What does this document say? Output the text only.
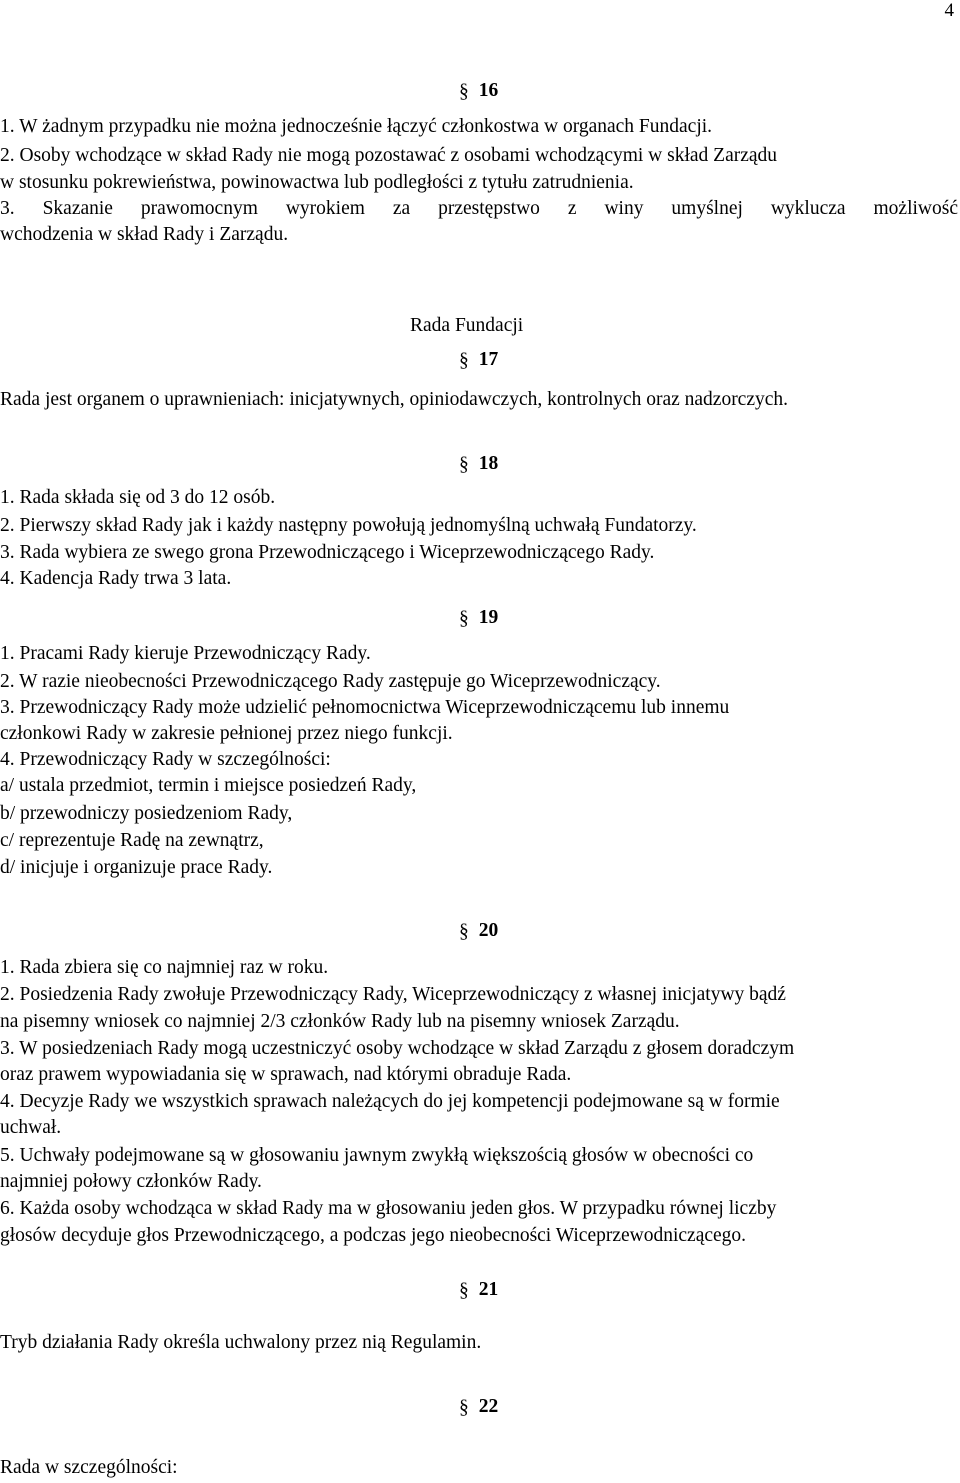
4
§ 16
1. W żadnym przypadku nie można jednocześnie łączyć członkostwa w organach Fundacji.
2. Osoby wchodzące w skład Rady nie mogą pozostawać z osobami wchodzącymi w skład Zarządu
w stosunku pokrewieństwa, powinowactwa lub podległości z tytułu zatrudnienia.
3. Skazanie prawomocnym wyrokiem za przestępstwo z winy umyślnej wyklucza możliwość
wchodzenia w skład Rady i Zarządu.
Rada Fundacji
§ 17
Rada jest organem o uprawnieniach: inicjatywnych, opiniodawczych, kontrolnych oraz nadzorczych.
§ 18
1. Rada składa się od 3 do 12 osób.
2. Pierwszy skład Rady jak i każdy następny powołują jednomyślną uchwałą Fundatorzy.
3. Rada wybiera ze swego grona Przewodniczącego i Wiceprzewodniczącego Rady.
4. Kadencja Rady trwa 3 lata.
§ 19
1. Pracami Rady kieruje Przewodniczący Rady.
2. W razie nieobecności Przewodniczącego Rady zastępuje go Wiceprzewodniczący.
3. Przewodniczący Rady może udzielić pełnomocnictwa Wiceprzewodniczącemu lub innemu
członkowi Rady w zakresie pełnionej przez niego funkcji.
4. Przewodniczący Rady w szczególności:
a/ ustala przedmiot, termin i miejsce posiedzeń Rady,
b/ przewodniczy posiedzeniom Rady,
c/ reprezentuje Radę na zewnątrz,
d/ inicjuje i organizuje prace Rady.
§ 20
1. Rada zbiera się co najmniej raz w roku.
2. Posiedzenia Rady zwołuje Przewodniczący Rady, Wiceprzewodniczący z własnej inicjatywy bądź
na pisemny wniosek co najmniej 2/3 członków Rady lub na pisemny wniosek Zarządu.
3. W posiedzeniach Rady mogą uczestniczyć osoby wchodzące w skład Zarządu z głosem doradczym
oraz prawem wypowiadania się w sprawach, nad którymi obraduje Rada.
4. Decyzje Rady we wszystkich sprawach należących do jej kompetencji podejmowane są w formie
uchwał.
5. Uchwały podejmowane są w głosowaniu jawnym zwykłą większością głosów w obecności co
najmniej połowy członków Rady.
6. Każda osoby wchodząca w skład Rady ma w głosowaniu jeden głos. W przypadku równej liczby
głosów decyduje głos Przewodniczącego, a podczas jego nieobecności Wiceprzewodniczącego.
§ 21
Tryb działania Rady określa uchwalony przez nią Regulamin.
§ 22
Rada w szczególności:
